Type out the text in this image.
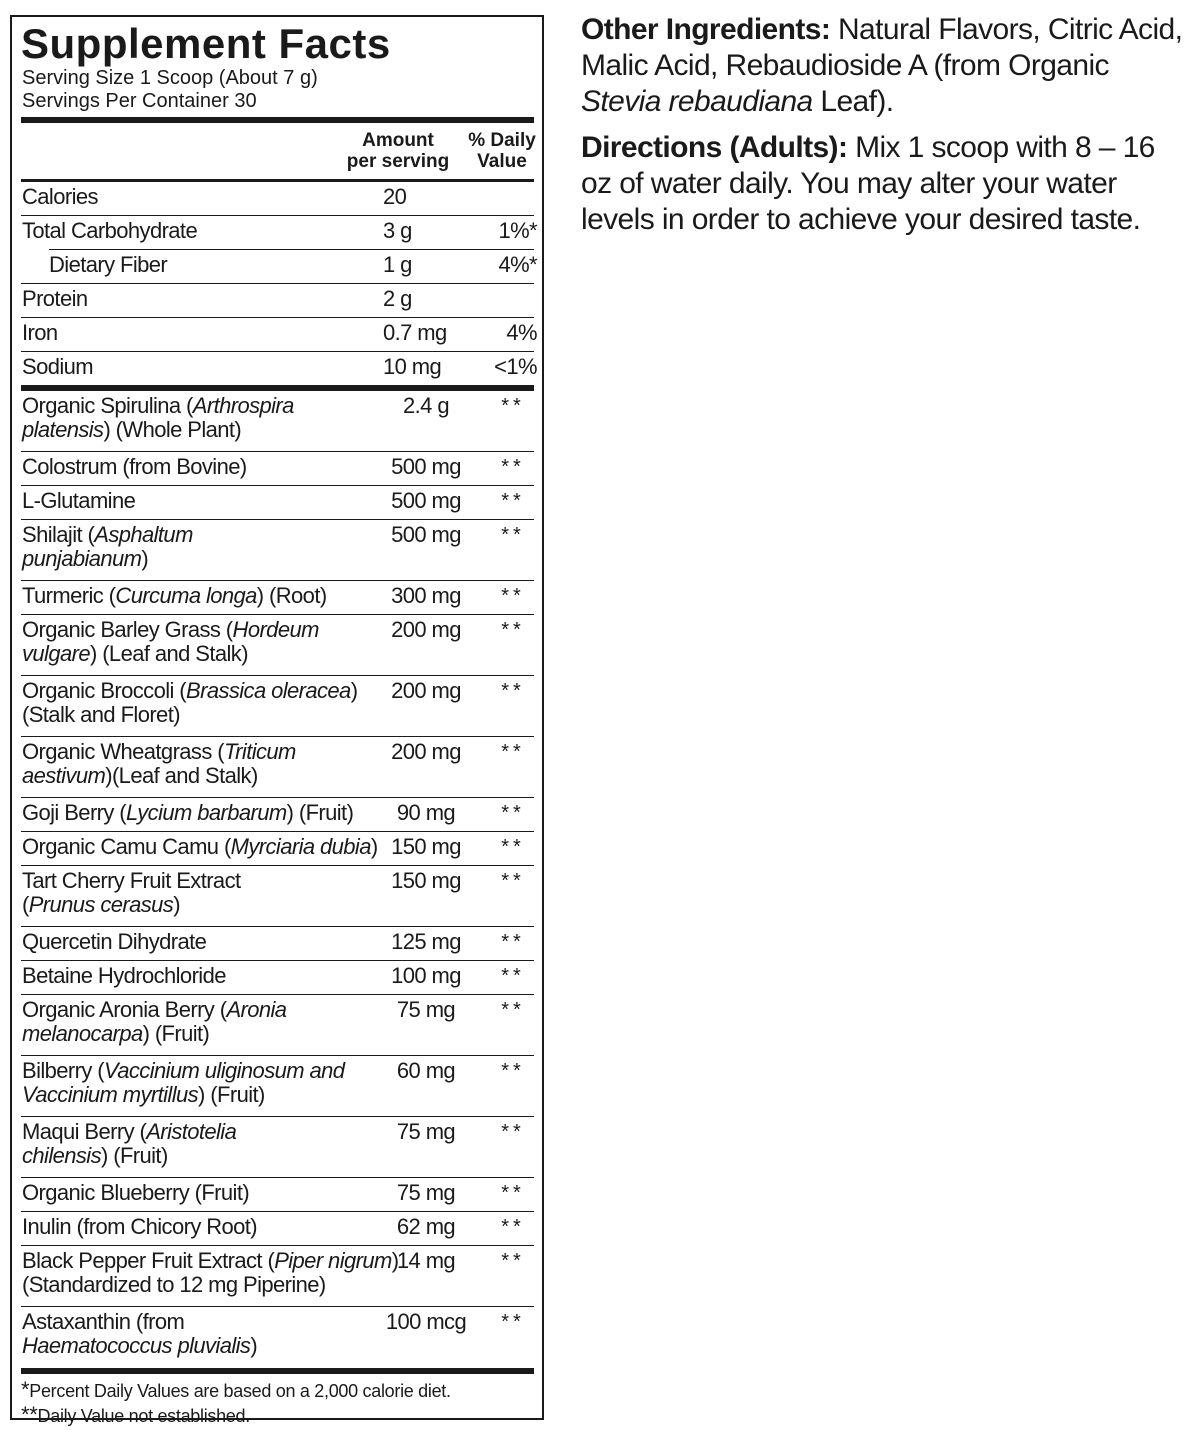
Supplement Facts
Serving Size 1 Scoop (About 7 g)
Servings Per Container 30
Amount
per serving
% Daily
Value
Calories	20
Total Carbohydrate	3 g	1%*
Dietary Fiber	1 g	4%*
Protein	2 g
Iron	0.7 mg	4%
Sodium	10 mg	<1%
Organic Spirulina (Arthrospira
platensis) (Whole Plant)
2.4 g	**
Colostrum (from Bovine)	500 mg	**
L-Glutamine	500 mg	**
Shilajit (Asphaltum
punjabianum)
500 mg	**
Turmeric (Curcuma longa) (Root)	300 mg	**
Organic Barley Grass (Hordeum
vulgare) (Leaf and Stalk)
200 mg	**
Organic Broccoli (Brassica oleracea)
(Stalk and Floret)
200 mg	**
Organic Wheatgrass (Triticum
aestivum)(Leaf and Stalk)
200 mg	**
Goji Berry (Lycium barbarum) (Fruit)	90 mg	**
Organic Camu Camu (Myrciaria dubia) 150 mg	**
Tart Cherry Fruit Extract
(Prunus cerasus)
150 mg	**
Quercetin Dihydrate	125 mg	**
Betaine Hydrochloride	100 mg	**
Organic Aronia Berry (Aronia
melanocarpa) (Fruit)
75 mg	**
Bilberry (Vaccinium uliginosum and
Vaccinium myrtillus) (Fruit)
60 mg	**
Maqui Berry (Aristotelia
chilensis) (Fruit)
75 mg	**
Organic Blueberry (Fruit)	75 mg	**
Inulin (from Chicory Root)	62 mg	**
Black Pepper Fruit Extract (Piper nigrum)
(Standardized to 12 mg Piperine)
14 mg	**
Astaxanthin (from
Haematococcus pluvialis)
100 mcg	**
*Percent Daily Values are based on a 2,000 calorie diet.
**Daily Value not established.

Other Ingredients: Natural Flavors, Citric Acid, Malic Acid, Rebaudioside A (from Organic Stevia rebaudiana Leaf).

Directions (Adults): Mix 1 scoop with 8 – 16 oz of water daily. You may alter your water levels in order to achieve your desired taste.
